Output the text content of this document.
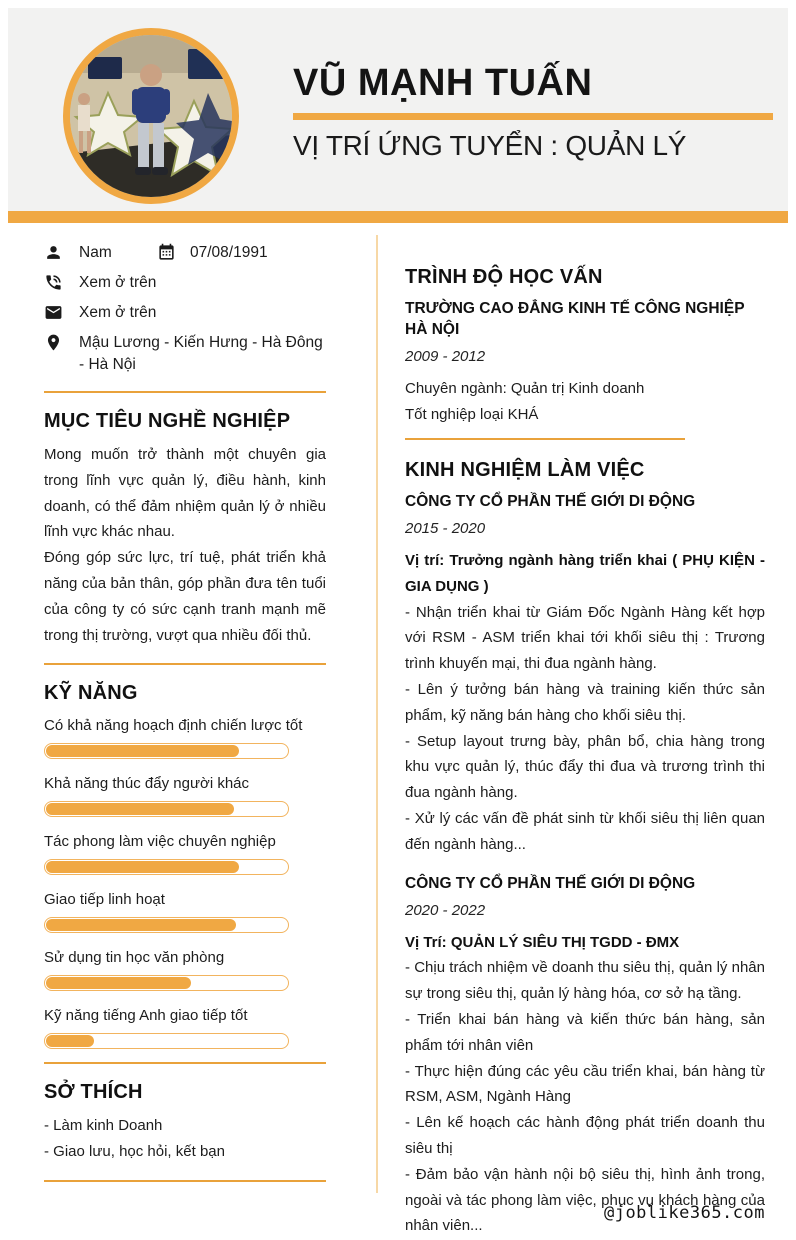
VŨ MẠNH TUẤN
VỊ TRÍ ỨNG TUYỂN : QUẢN LÝ
Nam	07/08/1991
Xem ở trên
Xem ở trên
Mậu Lương - Kiến Hưng - Hà Đông - Hà Nội
MỤC TIÊU NGHỀ NGHIỆP

Mong muốn trở thành một chuyên gia trong lĩnh vực quản lý, điều hành, kinh doanh, có thể đảm nhiệm quản lý ở nhiều lĩnh vực khác nhau.

Đóng góp sức lực, trí tuệ, phát triển khả năng của bản thân, góp phần đưa tên tuổi của công ty có sức cạnh tranh mạnh mẽ trong thị trường, vượt qua nhiều đối thủ.

KỸ NĂNG
Có khả năng hoạch định chiến lược tốt
Khả năng thúc đẩy người khác
Tác phong làm việc chuyên nghiệp
Giao tiếp linh hoạt
Sử dụng tin học văn phòng
Kỹ năng tiếng Anh giao tiếp tốt
SỞ THÍCH
- Làm kinh Doanh
- Giao lưu, học hỏi, kết bạn
TRÌNH ĐỘ HỌC VẤN
TRƯỜNG CAO ĐẲNG KINH TẾ CÔNG NGHIỆP HÀ NỘI
2009 - 2012
Chuyên ngành: Quản trị Kinh doanh
Tốt nghiệp loại KHÁ
KINH NGHIỆM LÀM VIỆC
CÔNG TY CỔ PHẦN THẾ GIỚI DI ĐỘNG
2015 - 2020
Vị trí: Trưởng ngành hàng triển khai ( PHỤ KIỆN - GIA DỤNG )

- Nhận triển khai từ Giám Đốc Ngành Hàng kết hợp với RSM - ASM triển khai tới khối siêu thị : Trương trình khuyến mại, thi đua ngành hàng.

- Lên ý tưởng bán hàng và training kiến thức sản phẩm, kỹ năng bán hàng cho khối siêu thị.

- Setup layout trưng bày, phân bổ, chia hàng trong khu vực quản lý, thúc đẩy thi đua và trương trình thi đua ngành hàng.

- Xử lý các vấn đề phát sinh từ khối siêu thị liên quan đến ngành hàng...

CÔNG TY CỔ PHẦN THẾ GIỚI DI ĐỘNG
2020 - 2022
Vị Trí: QUẢN LÝ SIÊU THỊ TGDD - ĐMX

- Chịu trách nhiệm về doanh thu siêu thị, quản lý nhân sự trong siêu thị, quản lý hàng hóa, cơ sở hạ tầng.

- Triển khai bán hàng và kiến thức bán hàng, sản phẩm tới nhân viên

- Thực hiện đúng các yêu cầu triển khai, bán hàng từ RSM, ASM, Ngành Hàng

- Lên kế hoạch các hành động phát triển doanh thu siêu thị

- Đảm bảo vận hành nội bộ siêu thị, hình ảnh trong, ngoài và tác phong làm việc, phục vụ khách hàng của nhân viên...

@joblike365.com
